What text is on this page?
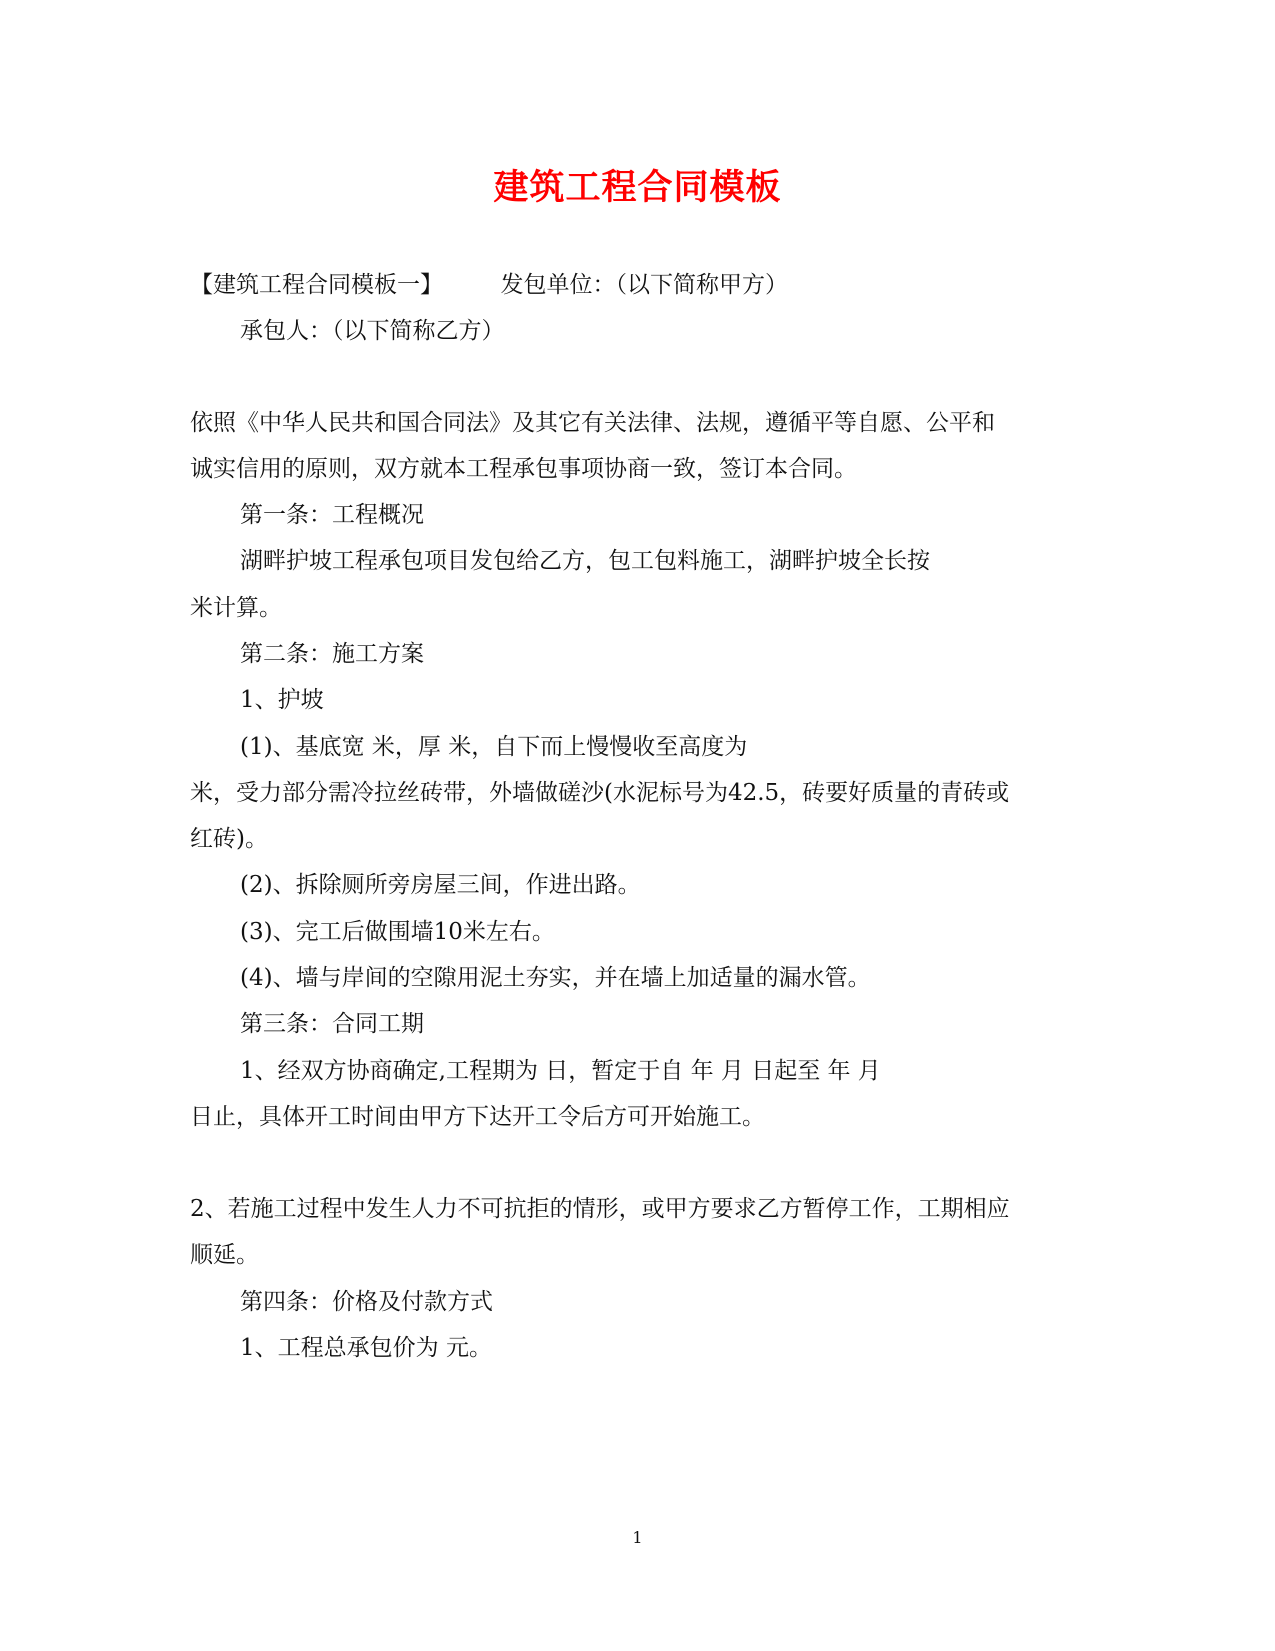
建筑工程合同模板
【建筑工程合同模板一】　　　发包单位：（以下简称甲方）
承包人：（以下简称乙方）
依照《中华人民共和国合同法》及其它有关法律、法规，遵循平等自愿、公平和
诚实信用的原则，双方就本工程承包事项协商一致，签订本合同。
第一条：工程概况
湖畔护坡工程承包项目发包给乙方，包工包料施工，湖畔护坡全长按
米计算。
第二条：施工方案
1、护坡
(1)、基底宽 米，厚 米，自下而上慢慢收至高度为
米，受力部分需冷拉丝砖带，外墙做磋沙(水泥标号为42.5，砖要好质量的青砖或
红砖)。
(2)、拆除厕所旁房屋三间，作进出路。
(3)、完工后做围墙10米左右。
(4)、墙与岸间的空隙用泥土夯实，并在墙上加适量的漏水管。
第三条：合同工期
1、经双方协商确定,工程期为 日，暂定于自 年 月 日起至 年 月
日止，具体开工时间由甲方下达开工令后方可开始施工。
2、若施工过程中发生人力不可抗拒的情形，或甲方要求乙方暂停工作，工期相应
顺延。
第四条：价格及付款方式
1、工程总承包价为 元。
1
